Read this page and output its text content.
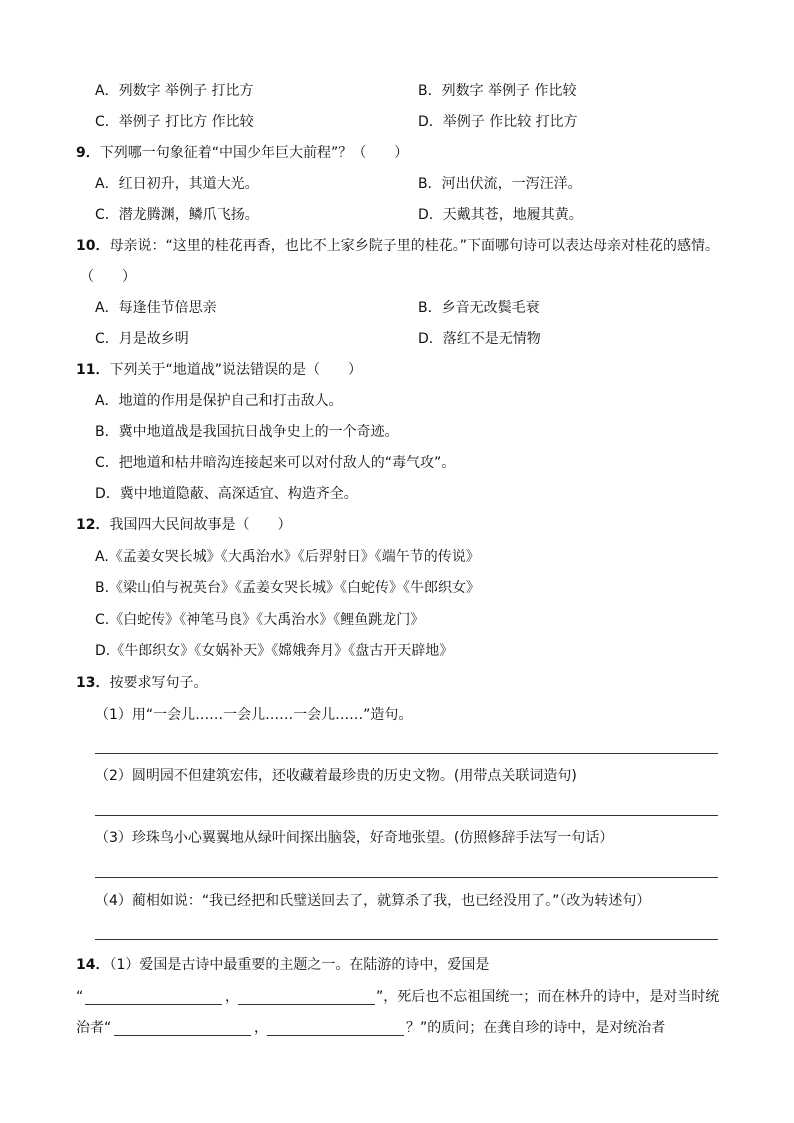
A．列数字 举例子 打比方	B．列数字 举例子 作比较
C．举例子 打比方 作比较	D．举例子 作比较 打比方
9．下列哪一句象征着“中国少年巨大前程”？（　　）
A．红日初升，其道大光。	B．河出伏流，一泻汪洋。
C．潜龙腾渊，鳞爪飞扬。	D．天戴其苍，地履其黄。
10．母亲说：“这里的桂花再香，也比不上家乡院子里的桂花。”下面哪句诗可以表达母亲对桂花的感情。
（　　）
A．每逢佳节倍思亲	B．乡音无改鬓毛衰
C．月是故乡明	D．落红不是无情物
11．下列关于“地道战”说法错误的是（　　）
A．地道的作用是保护自己和打击敌人。
B．冀中地道战是我国抗日战争史上的一个奇迹。
C．把地道和枯井暗沟连接起来可以对付敌人的“毒气攻”。
D．冀中地道隐蔽、高深适宜、构造齐全。
12．我国四大民间故事是（　　）
A.《孟姜女哭长城》《大禹治水》《后羿射日》《端午节的传说》
B.《梁山伯与祝英台》《孟姜女哭长城》《白蛇传》《牛郎织女》
C.《白蛇传》《神笔马良》《大禹治水》《鲤鱼跳龙门》
D.《牛郎织女》《女娲补天》《嫦娥奔月》《盘古开天辟地》
13．按要求写句子。
（1）用“一会儿……一会儿……一会儿……”造句。
（2）圆明园不但建筑宏伟，还收藏着最珍贵的历史文物。(用带点关联词造句)
（3）珍珠鸟小心翼翼地从绿叶间探出脑袋，好奇地张望。(仿照修辞手法写一句话）
（4）蔺相如说：“我已经把和氏璧送回去了，就算杀了我，也已经没用了。”（改为转述句）
14．（1）爱国是古诗中最重要的主题之一。在陆游的诗中，爱国是
“	，	”，死后也不忘祖国统一；而在林升的诗中，是对当时统
治者“	，	？”的质问；在龚自珍的诗中，是对统治者
